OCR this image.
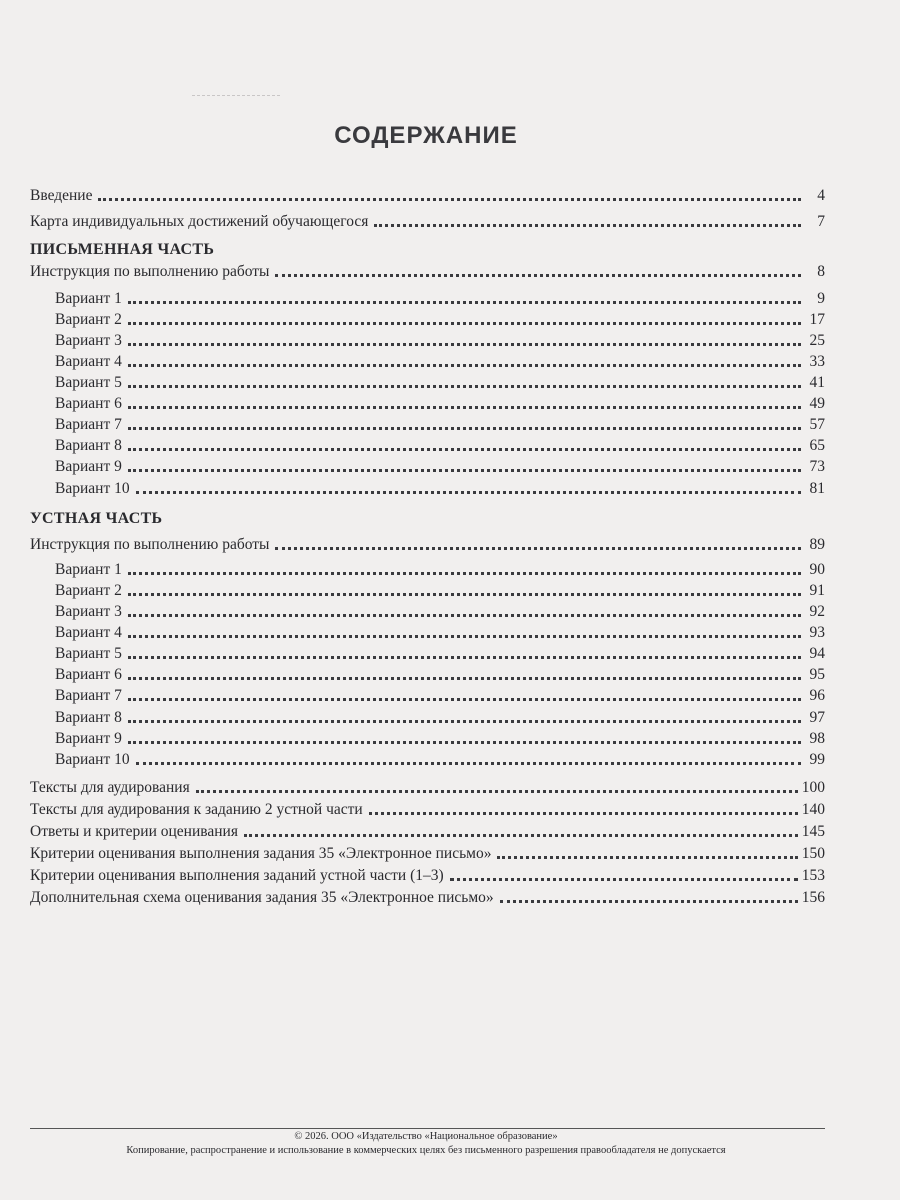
СОДЕРЖАНИЕ
Введение	4
Карта индивидуальных достижений обучающегося	7
ПИСЬМЕННАЯ ЧАСТЬ
Инструкция по выполнению работы	8
Вариант 1	9
Вариант 2	17
Вариант 3	25
Вариант 4	33
Вариант 5	41
Вариант 6	49
Вариант 7	57
Вариант 8	65
Вариант 9	73
Вариант 10	81
УСТНАЯ ЧАСТЬ
Инструкция по выполнению работы	89
Вариант 1	90
Вариант 2	91
Вариант 3	92
Вариант 4	93
Вариант 5	94
Вариант 6	95
Вариант 7	96
Вариант 8	97
Вариант 9	98
Вариант 10	99
Тексты для аудирования	100
Тексты для аудирования к заданию 2 устной части	140
Ответы и критерии оценивания	145
Критерии оценивания выполнения задания 35 «Электронное письмо»	150
Критерии оценивания выполнения заданий устной части (1–3)	153
Дополнительная схема оценивания задания 35 «Электронное письмо»	156
© 2026. ООО «Издательство «Национальное образование»
Копирование, распространение и использование в коммерческих целях без письменного разрешения правообладателя не допускается
